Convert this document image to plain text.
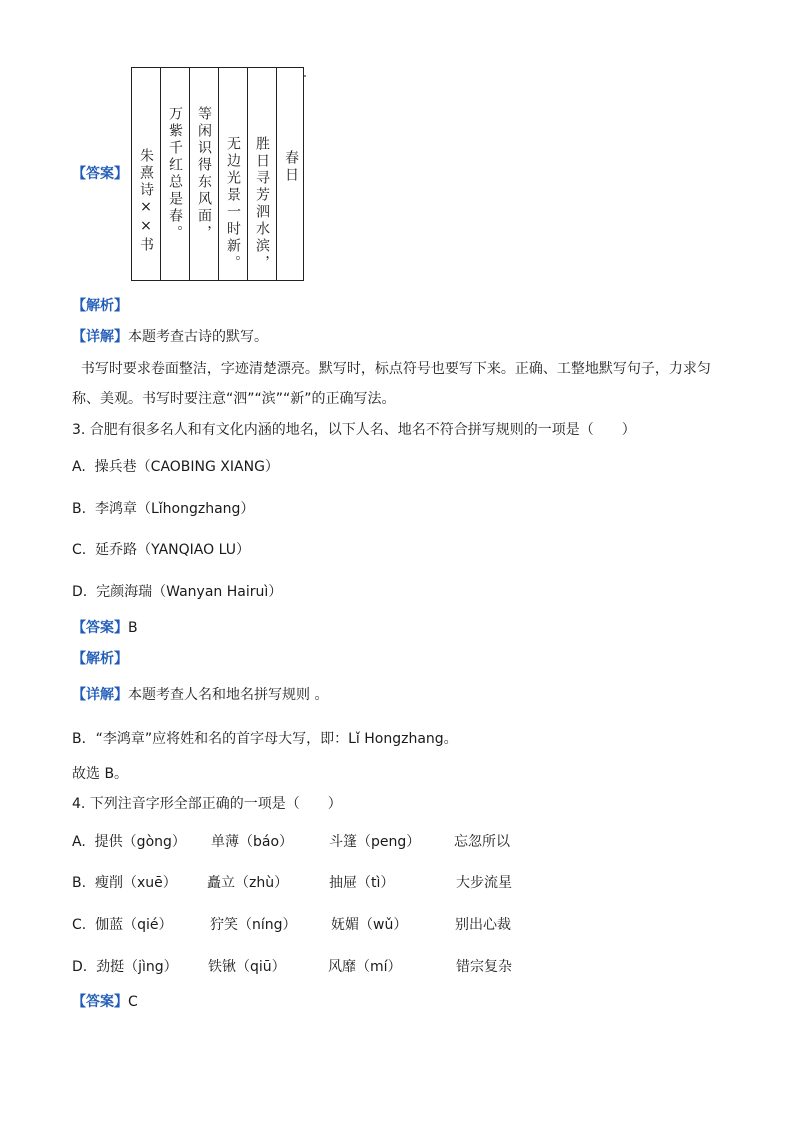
【答案】 朱熹诗××书 万紫千红总是春。 等闲识得东风面， 无边光景一时新。 胜日寻芳泗水滨， 春日
【解析】
【详解】本题考查古诗的默写。
书写时要求卷面整洁，字迹清楚漂亮。默写时，标点符号也要写下来。正确、工整地默写句子，力求匀
称、美观。书写时要注意“泗”“滨”“新”的正确写法。
3. 合肥有很多名人和有文化内涵的地名，以下人名、地名不符合拼写规则的一项是（　　）
A.  操兵巷（CAOBING XIANG）
B.  李鸿章（Lǐhongzhang）
C.  延乔路（YANQIAO LU）
D.  完颜海瑞（Wanyan Hairuì）
【答案】B
【解析】
【详解】本题考查人名和地名拼写规则 。
B．“李鸿章”应将姓和名的首字母大写，即：Lǐ Hongzhang。
故选 B。
4. 下列注音字形全部正确的一项是（　　）
A.  提供（gòng） 单薄（báo）	斗篷（peng） 忘忽所以
B.  瘦削（xuē） 矗立（zhù）	抽屉（tì）	大步流星
C.  伽蓝（qié）	狞笑（níng） 妩媚（wǔ）	别出心裁
D.  劲挺（jìng） 铁锹（qiū）	风靡（mí）	错宗复杂
【答案】C
